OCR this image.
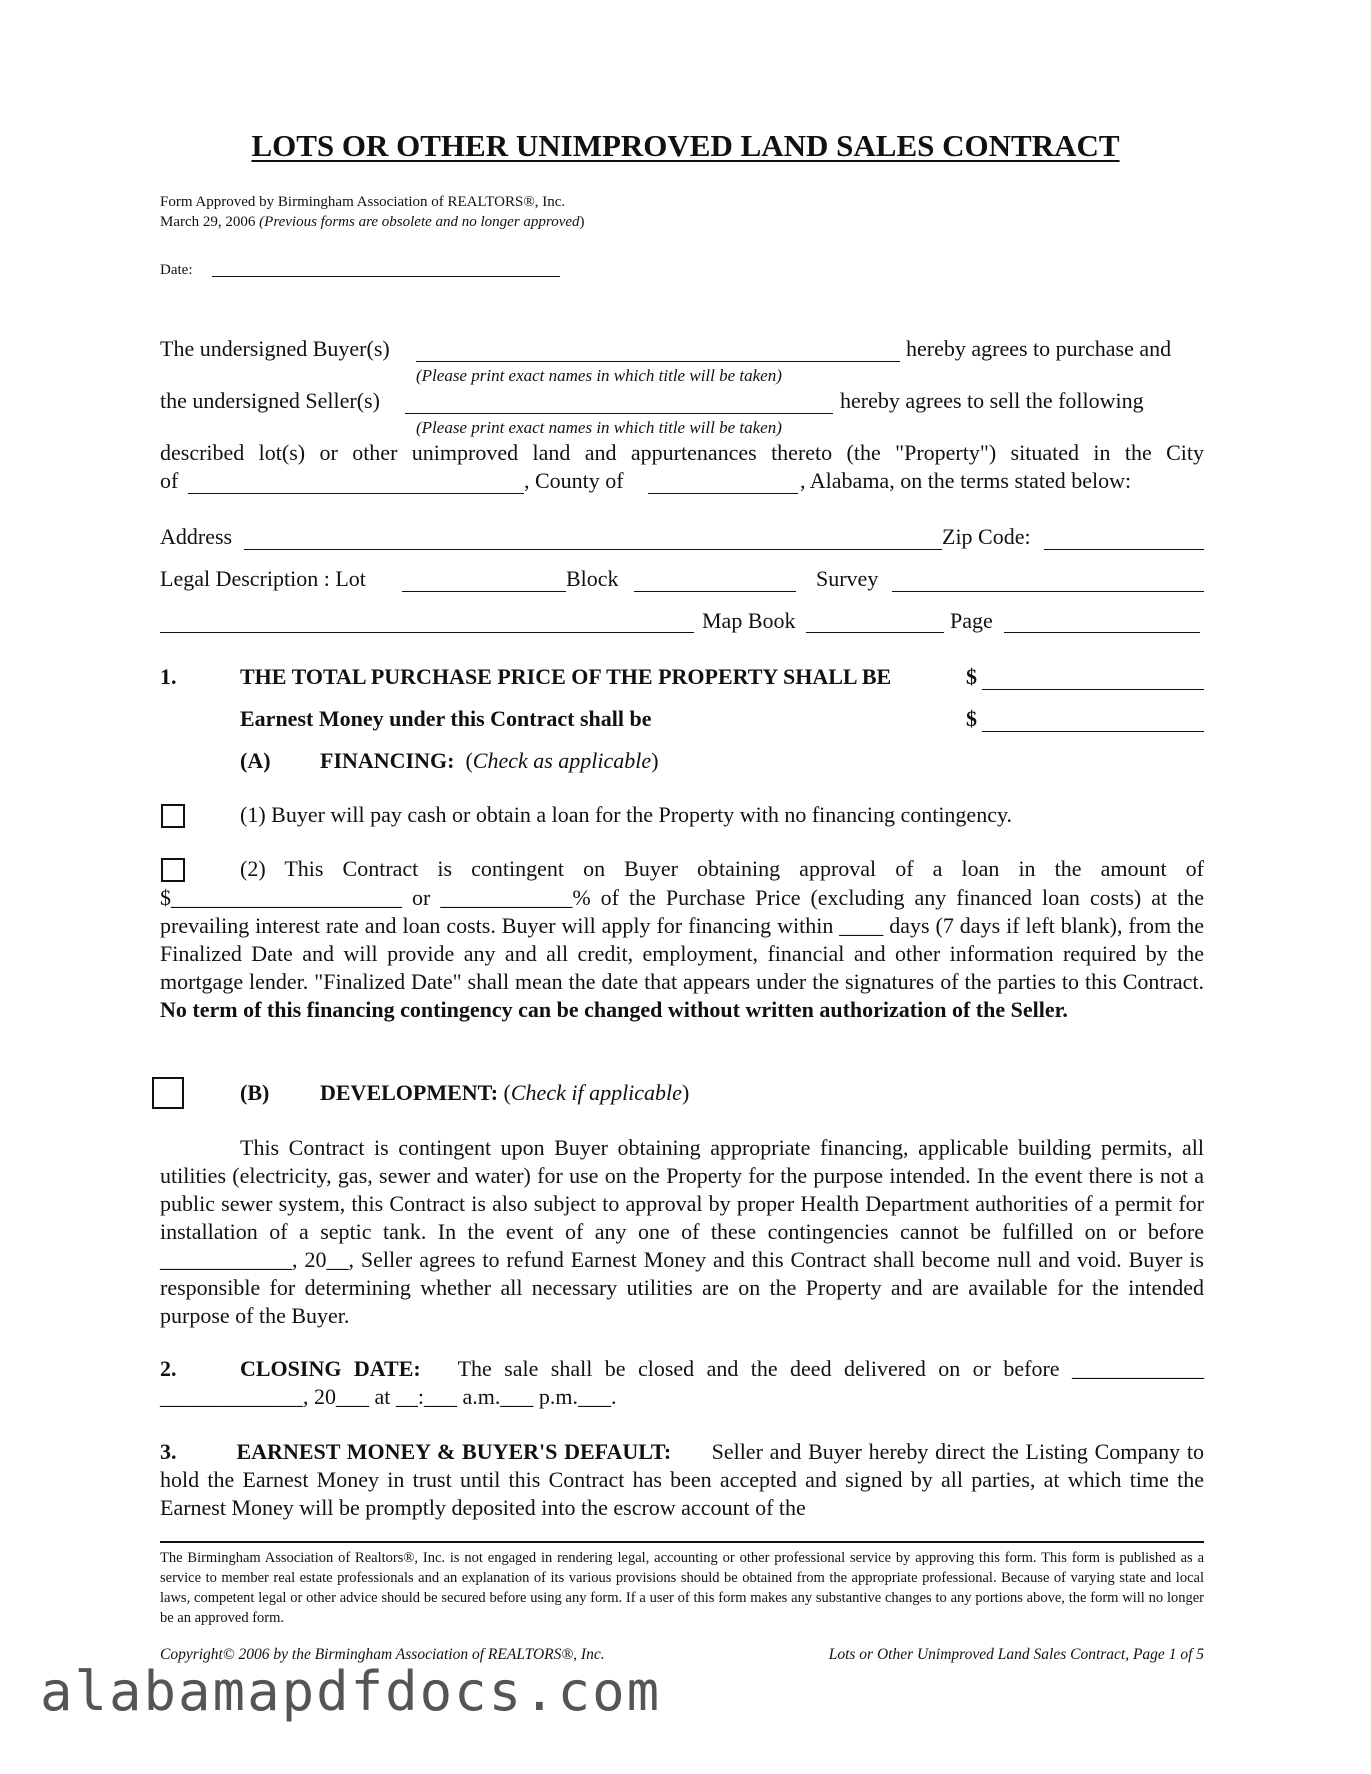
LOTS OR OTHER UNIMPROVED LAND SALES CONTRACT
Form Approved by Birmingham Association of REALTORS®, Inc.
March 29, 2006 (Previous forms are obsolete and no longer approved)
Date:
The undersigned Buyer(s)	hereby agrees to purchase and
(Please print exact names in which title will be taken)
the undersigned Seller(s)	hereby agrees to sell the following
(Please print exact names in which title will be taken)
described lot(s) or other unimproved land and appurtenances thereto (the "Property") situated in the City
of	, County of	, Alabama, on the terms stated below:
Address	Zip Code:
Legal Description : Lot	Block	Survey
Map Book	Page
1.	THE TOTAL PURCHASE PRICE OF THE PROPERTY SHALL BE	$
Earnest Money under this Contract shall be	$
(A) FINANCING: (Check as applicable)
(1) Buyer will pay cash or obtain a loan for the Property with no financing contingency.
(2) This Contract is contingent on Buyer obtaining approval of a loan in the amount of
$_____________________ or ____________% of the Purchase Price (excluding any financed loan costs) at the prevailing interest rate and loan costs. Buyer will apply for financing within ____ days (7 days if left blank), from the Finalized Date and will provide any and all credit, employment, financial and other information required by the mortgage lender. "Finalized Date" shall mean the date that appears under the signatures of the parties to this Contract. No term of this financing contingency can be changed without written authorization of the Seller.
(B) DEVELOPMENT: (Check if applicable)
This Contract is contingent upon Buyer obtaining appropriate financing, applicable building permits, all utilities (electricity, gas, sewer and water) for use on the Property for the purpose intended. In the event there is not a public sewer system, this Contract is also subject to approval by proper Health Department authorities of a permit for installation of a septic tank. In the event of any one of these contingencies cannot be fulfilled on or before ____________, 20__, Seller agrees to refund Earnest Money and this Contract shall become null and void. Buyer is responsible for determining whether all necessary utilities are on the Property and are available for the intended purpose of the Buyer.
2.	CLOSING DATE: The sale shall be closed and the deed delivered on or before ____________
_____________, 20___ at __:___ a.m.___ p.m.___.
3.	EARNEST MONEY & BUYER'S DEFAULT: Seller and Buyer hereby direct the Listing Company to hold the Earnest Money in trust until this Contract has been accepted and signed by all parties, at which time the Earnest Money will be promptly deposited into the escrow account of the
The Birmingham Association of Realtors®, Inc. is not engaged in rendering legal, accounting or other professional service by approving this form. This form is published as a service to member real estate professionals and an explanation of its various provisions should be obtained from the appropriate professional. Because of varying state and local laws, competent legal or other advice should be secured before using any form. If a user of this form makes any substantive changes to any portions above, the form will no longer be an approved form.
Copyright© 2006 by the Birmingham Association of REALTORS®, Inc.	Lots or Other Unimproved Land Sales Contract, Page 1 of 5
alabamapdfdocs.com
